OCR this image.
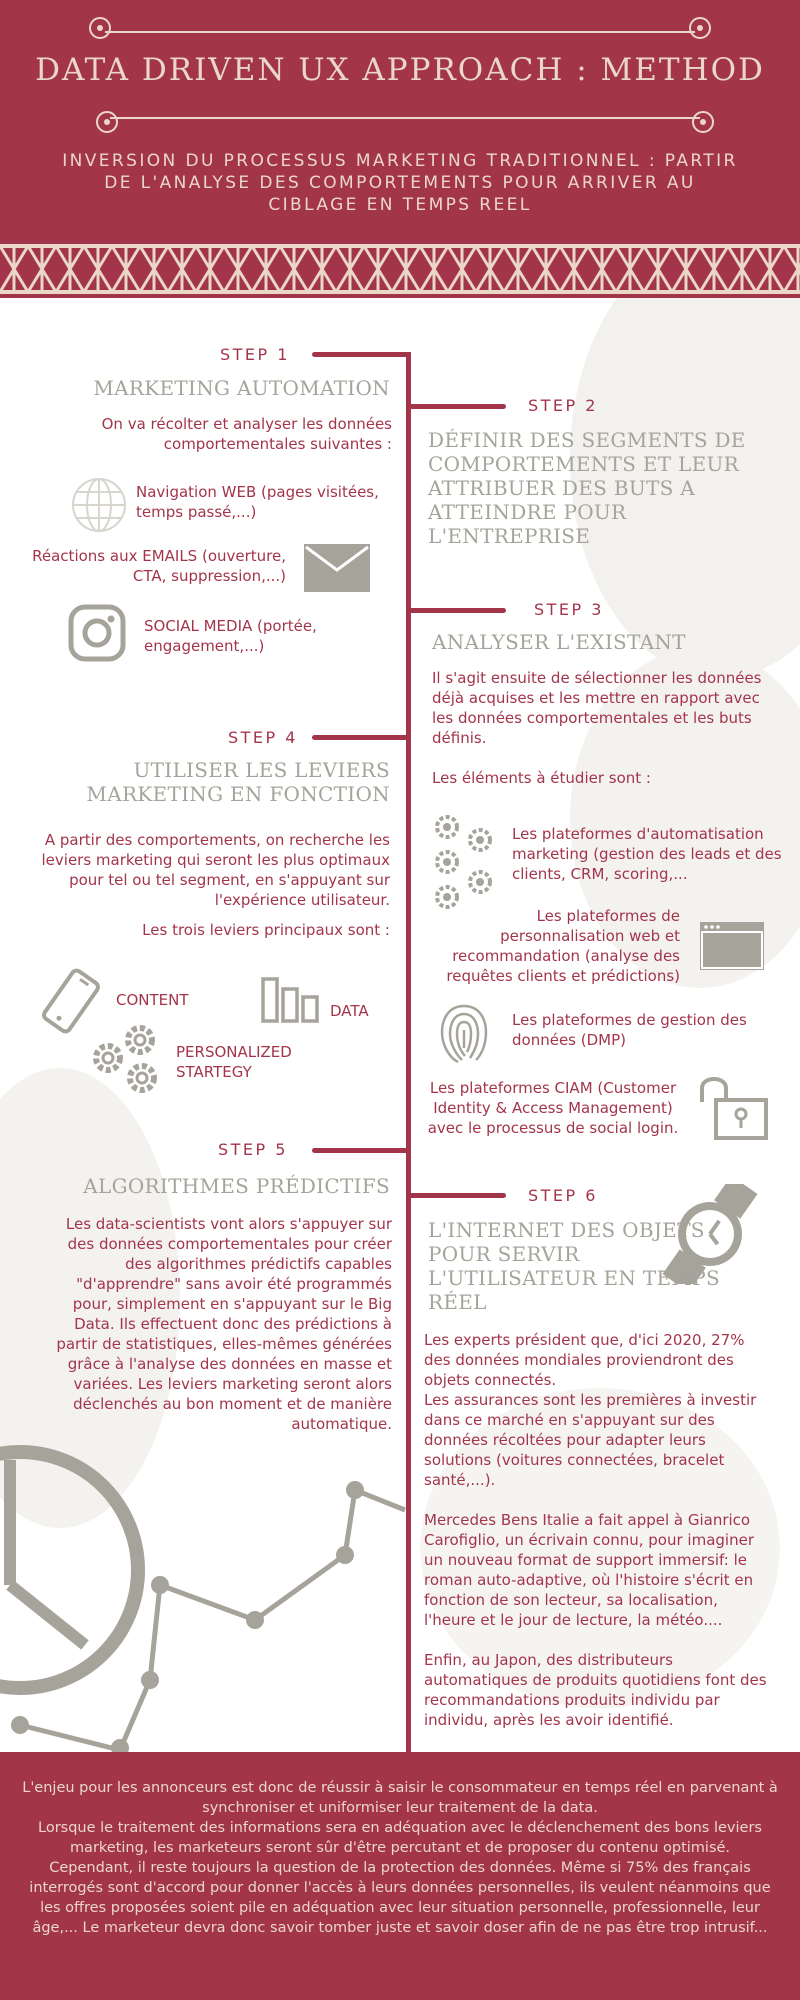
DATA DRIVEN UX APPROACH : METHOD
INVERSION DU PROCESSUS MARKETING TRADITIONNEL : PARTIR DE L'ANALYSE DES COMPORTEMENTS POUR ARRIVER AU CIBLAGE EN TEMPS REEL
STEP 1
MARKETING AUTOMATION
On va récolter et analyser les données comportementales suivantes :
Navigation WEB (pages visitées, temps passé,...)
Réactions aux EMAILS (ouverture, CTA, suppression,...)
SOCIAL MEDIA (portée, engagement,...)
STEP 2
DÉFINIR DES SEGMENTS DE COMPORTEMENTS ET LEUR ATTRIBUER DES BUTS A ATTEINDRE POUR L'ENTREPRISE
STEP 3
ANALYSER L'EXISTANT
Il s'agit ensuite de sélectionner les données déjà acquises et les mettre en rapport avec les données comportementales et les buts définis.
Les éléments à étudier sont :
Les plateformes d'automatisation marketing (gestion des leads et des clients, CRM, scoring,...
Les plateformes de personnalisation web et recommandation (analyse des requêtes clients et prédictions)
Les plateformes de gestion des données (DMP)
Les plateformes CIAM (Customer Identity & Access Management) avec le processus de social login.
STEP 4
UTILISER LES LEVIERS MARKETING EN FONCTION
A partir des comportements, on recherche les leviers marketing qui seront les plus optimaux pour tel ou tel segment, en s'appuyant sur l'expérience utilisateur.
Les trois leviers principaux sont :
CONTENT
DATA
PERSONALIZED STARTEGY
STEP 5
ALGORITHMES PRÉDICTIFS
Les data-scientists vont alors s'appuyer sur des données comportementales pour créer des algorithmes prédictifs capables "d'apprendre" sans avoir été programmés pour, simplement en s'appuyant sur le Big Data. Ils effectuent donc des prédictions à partir de statistiques, elles-mêmes générées grâce à l'analyse des données en masse et variées. Les leviers marketing seront alors déclenchés au bon moment et de manière automatique.
STEP 6
L'INTERNET DES OBJETS POUR SERVIR L'UTILISATEUR EN TEMPS RÉEL
Les experts président que, d'ici 2020, 27% des données mondiales proviendront des objets connectés.
Les assurances sont les premières à investir dans ce marché en s'appuyant sur des données récoltées pour adapter leurs solutions (voitures connectées, bracelet santé,...).
Mercedes Bens Italie a fait appel à Gianrico Carofiglio, un écrivain connu, pour imaginer un nouveau format de support immersif: le roman auto-adaptive, où l'histoire s'écrit en fonction de son lecteur, sa localisation, l'heure et le jour de lecture, la météo....
Enfin, au Japon, des distributeurs automatiques de produits quotidiens font des recommandations produits individu par individu, après les avoir identifié.
L'enjeu pour les annonceurs est donc de réussir à saisir le consommateur en temps réel en parvenant à synchroniser et uniformiser leur traitement de la data.
Lorsque le traitement des informations sera en adéquation avec le déclenchement des bons leviers marketing, les marketeurs seront sûr d'être percutant et de proposer du contenu optimisé.
Cependant, il reste toujours la question de la protection des données. Même si 75% des français interrogés sont d'accord pour donner l'accès à leurs données personnelles, ils veulent néanmoins que les offres proposées soient pile en adéquation avec leur situation personnelle, professionnelle, leur âge,... Le marketeur devra donc savoir tomber juste et savoir doser afin de ne pas être trop intrusif...
